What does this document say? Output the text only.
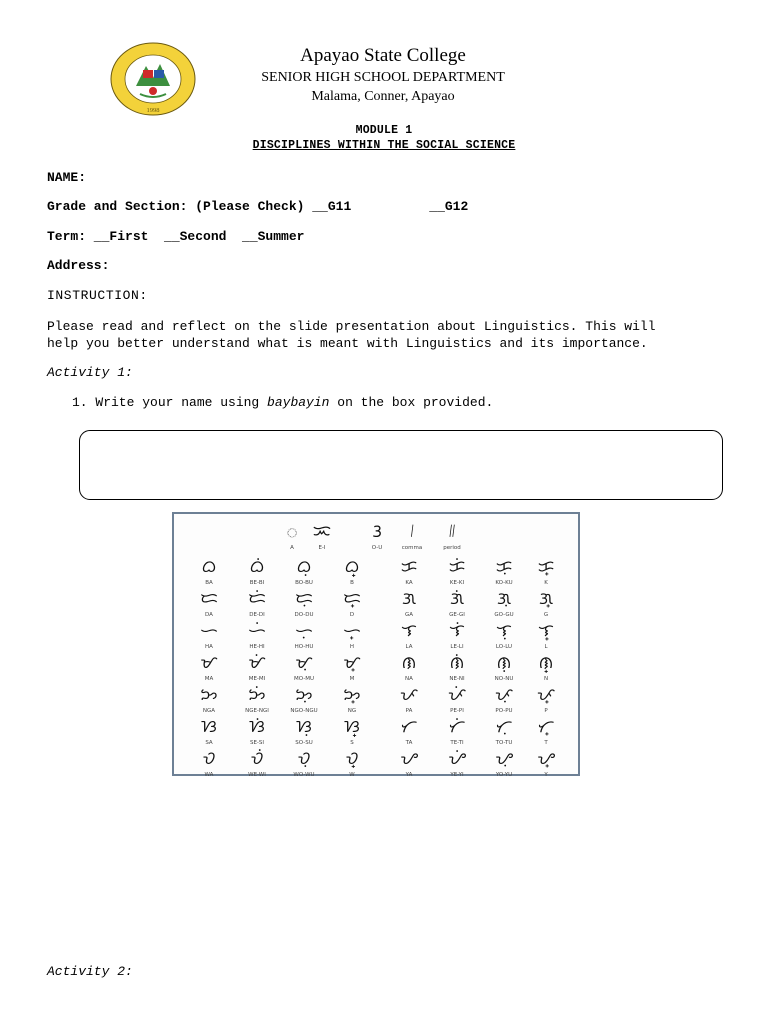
1998
Apayao State College
SENIOR HIGH SCHOOL DEPARTMENT
Malama, Conner, Apayao
MODULE 1
DISCIPLINES WITHIN THE SOCIAL SCIENCE
NAME:
Grade and Section: (Please Check) __G11          __G12
Term: __First  __Second  __Summer
Address:
INSTRUCTION:
Please read and reflect on the slide presentation about Linguistics. This will
help you better understand what is meant with Linguistics and its importance.
Activity 1:
1. Write your name using baybayin on the box provided.
ᜀ ᜁ ᜂ ᜵ ᜶
A	E-I	O-U	comma	period
ᜊ ᜊᜒ ᜊᜓ ᜊ᜔ ᜃ ᜃᜒ ᜃᜓ ᜃ᜔
BA	BE-BI	BO-BU	B	KA	KE-KI	KO-KU	K
ᜇ ᜇᜒ ᜇᜓ ᜇ᜔ ᜄ ᜄᜒ ᜄᜓ ᜄ᜔
DA	DE-DI	DO-DU	D	GA	GE-GI	GO-GU	G
ᜑ ᜑᜒ ᜑᜓ ᜑ᜔ ᜎ ᜎᜒ ᜎᜓ ᜎ᜔
HA	HE-HI	HO-HU	H	LA	LE-LI	LO-LU	L
ᜋ ᜋᜒ ᜋᜓ ᜋ᜔ ᜈ ᜈᜒ ᜈᜓ ᜈ᜔
MA	ME-MI	MO-MU	M	NA	NE-NI	NO-NU	N
ᜅ ᜅᜒ ᜅᜓ ᜅ᜔ ᜉ ᜉᜒ ᜉᜓ ᜉ᜔
NGA	NGE-NGI	NGO-NGU	NG	PA	PE-PI	PO-PU	P
ᜐ ᜐᜒ ᜐᜓ ᜐ᜔ ᜆ ᜆᜒ ᜆᜓ ᜆ᜔
SA	SE-SI	SO-SU	S	TA	TE-TI	TO-TU	T
ᜏ ᜏᜒ ᜏᜓ ᜏ᜔ ᜌ ᜌᜒ ᜌᜓ ᜌ᜔
WA	WE-WI	WO-WU	W	YA	YE-YI	YO-YU	Y
Activity 2:
